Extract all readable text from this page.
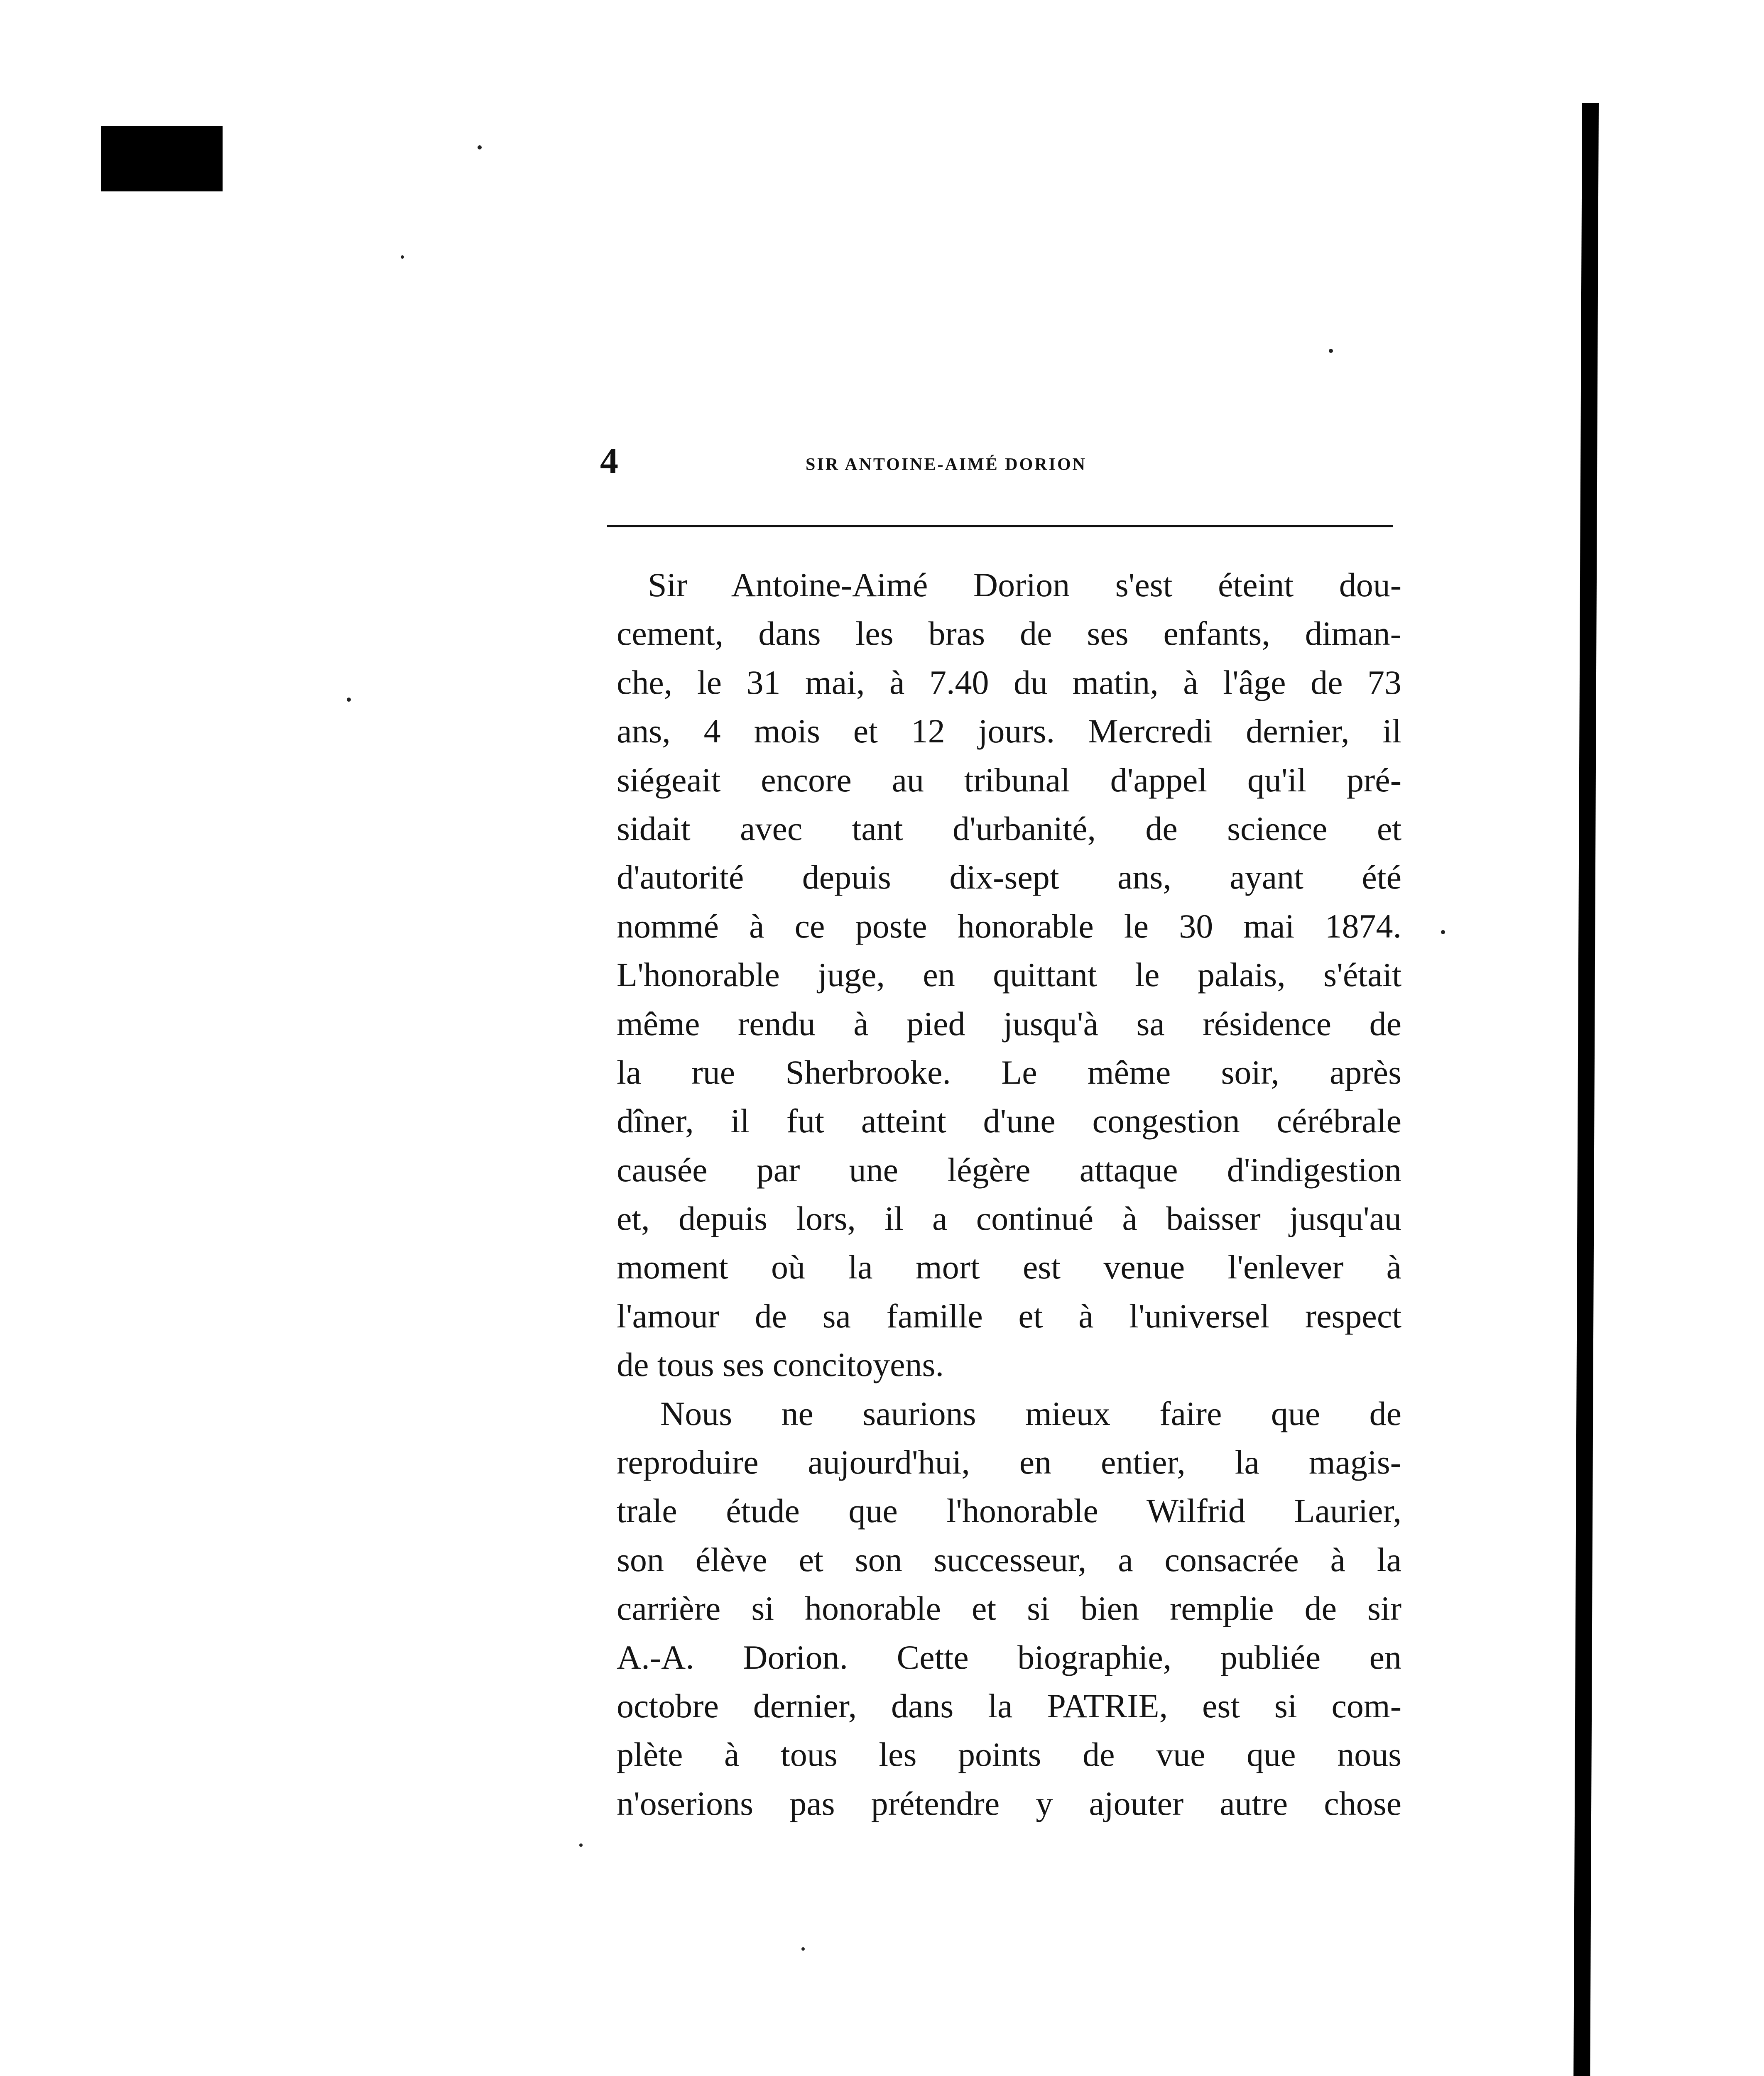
4	SIR ANTOINE-AIMÉ DORION
Sir Antoine-Aimé Dorion s'est éteint dou-
cement, dans les bras de ses enfants, diman-
che, le 31 mai, à 7.40 du matin, à l'âge de 73
ans, 4 mois et 12 jours. Mercredi dernier, il
siégeait encore au tribunal d'appel qu'il pré-
sidait avec tant d'urbanité, de science et
d'autorité depuis dix-sept ans, ayant été
nommé à ce poste honorable le 30 mai 1874.
L'honorable juge, en quittant le palais, s'était
même rendu à pied jusqu'à sa résidence de
la rue Sherbrooke. Le même soir, après
dîner, il fut atteint d'une congestion cérébrale
causée par une légère attaque d'indigestion
et, depuis lors, il a continué à baisser jusqu'au
moment où la mort est venue l'enlever à
l'amour de sa famille et à l'universel respect
de tous ses concitoyens.
Nous ne saurions mieux faire que de
reproduire aujourd'hui, en entier, la magis-
trale étude que l'honorable Wilfrid Laurier,
son élève et son successeur, a consacrée à la
carrière si honorable et si bien remplie de sir
A.-A. Dorion. Cette biographie, publiée en
octobre dernier, dans la PATRIE, est si com-
plète à tous les points de vue que nous
n'oserions pas prétendre y ajouter autre chose
